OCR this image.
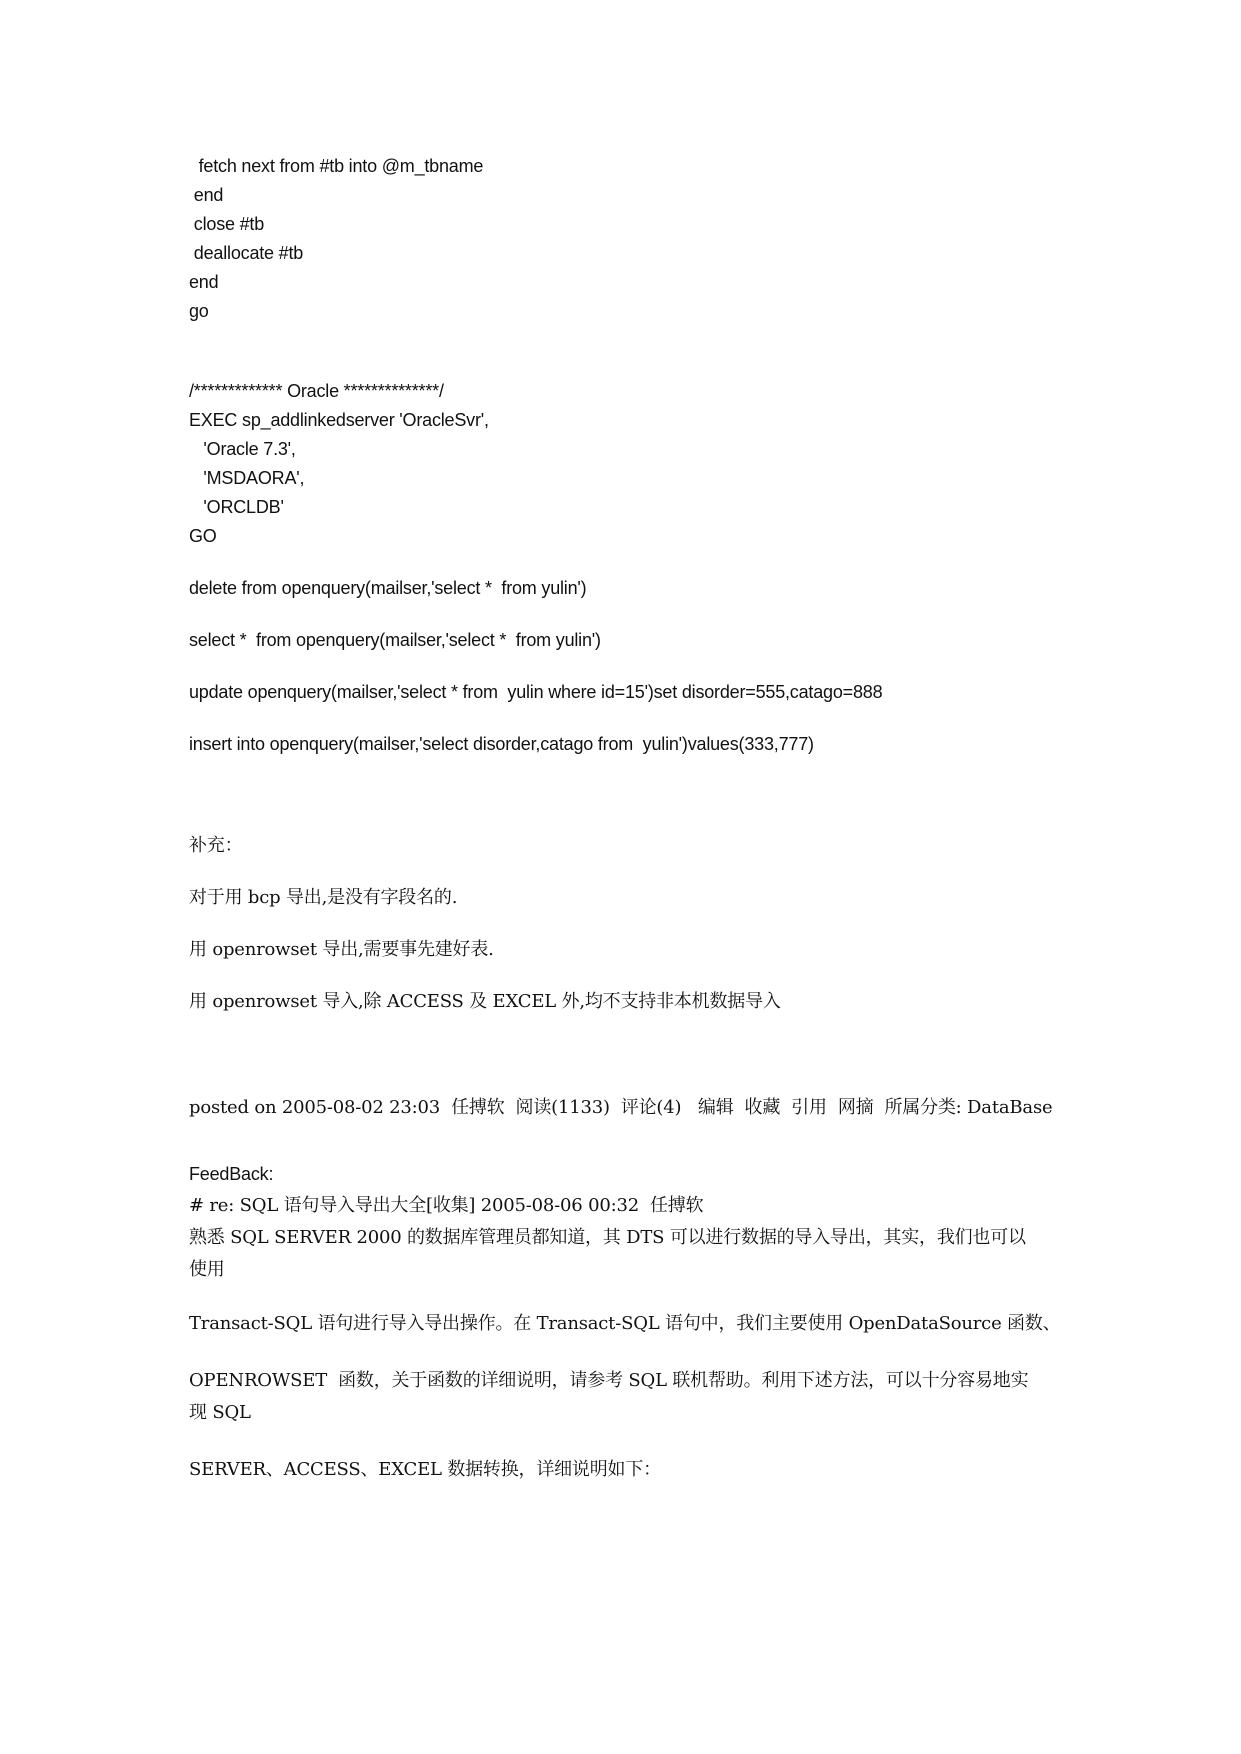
fetch next from #tb into @m_tbname
end
close #tb
deallocate #tb
end
go
/************* Oracle **************/
EXEC sp_addlinkedserver 'OracleSvr',
'Oracle 7.3',
'MSDAORA',
'ORCLDB'
GO
delete from openquery(mailser,'select *  from yulin')
select *  from openquery(mailser,'select *  from yulin')
update openquery(mailser,'select * from  yulin where id=15')set disorder=555,catago=888
insert into openquery(mailser,'select disorder,catago from  yulin')values(333,777)
补充：
对于用 bcp 导出,是没有字段名的.
用 openrowset 导出,需要事先建好表.
用 openrowset 导入,除 ACCESS 及 EXCEL 外,均不支持非本机数据导入
posted on 2005-08-02 23:03  任搏软  阅读(1133)  评论(4)   编辑  收藏  引用  网摘  所属分类: DataBase
FeedBack:
# re: SQL 语句导入导出大全[收集] 2005-08-06 00:32  任搏软
熟悉 SQL SERVER 2000 的数据库管理员都知道，其 DTS 可以进行数据的导入导出，其实，我们也可以
使用
Transact-SQL 语句进行导入导出操作。在 Transact-SQL 语句中，我们主要使用 OpenDataSource 函数、
OPENROWSET  函数，关于函数的详细说明，请参考 SQL 联机帮助。利用下述方法，可以十分容易地实
现 SQL
SERVER、ACCESS、EXCEL 数据转换，详细说明如下：
